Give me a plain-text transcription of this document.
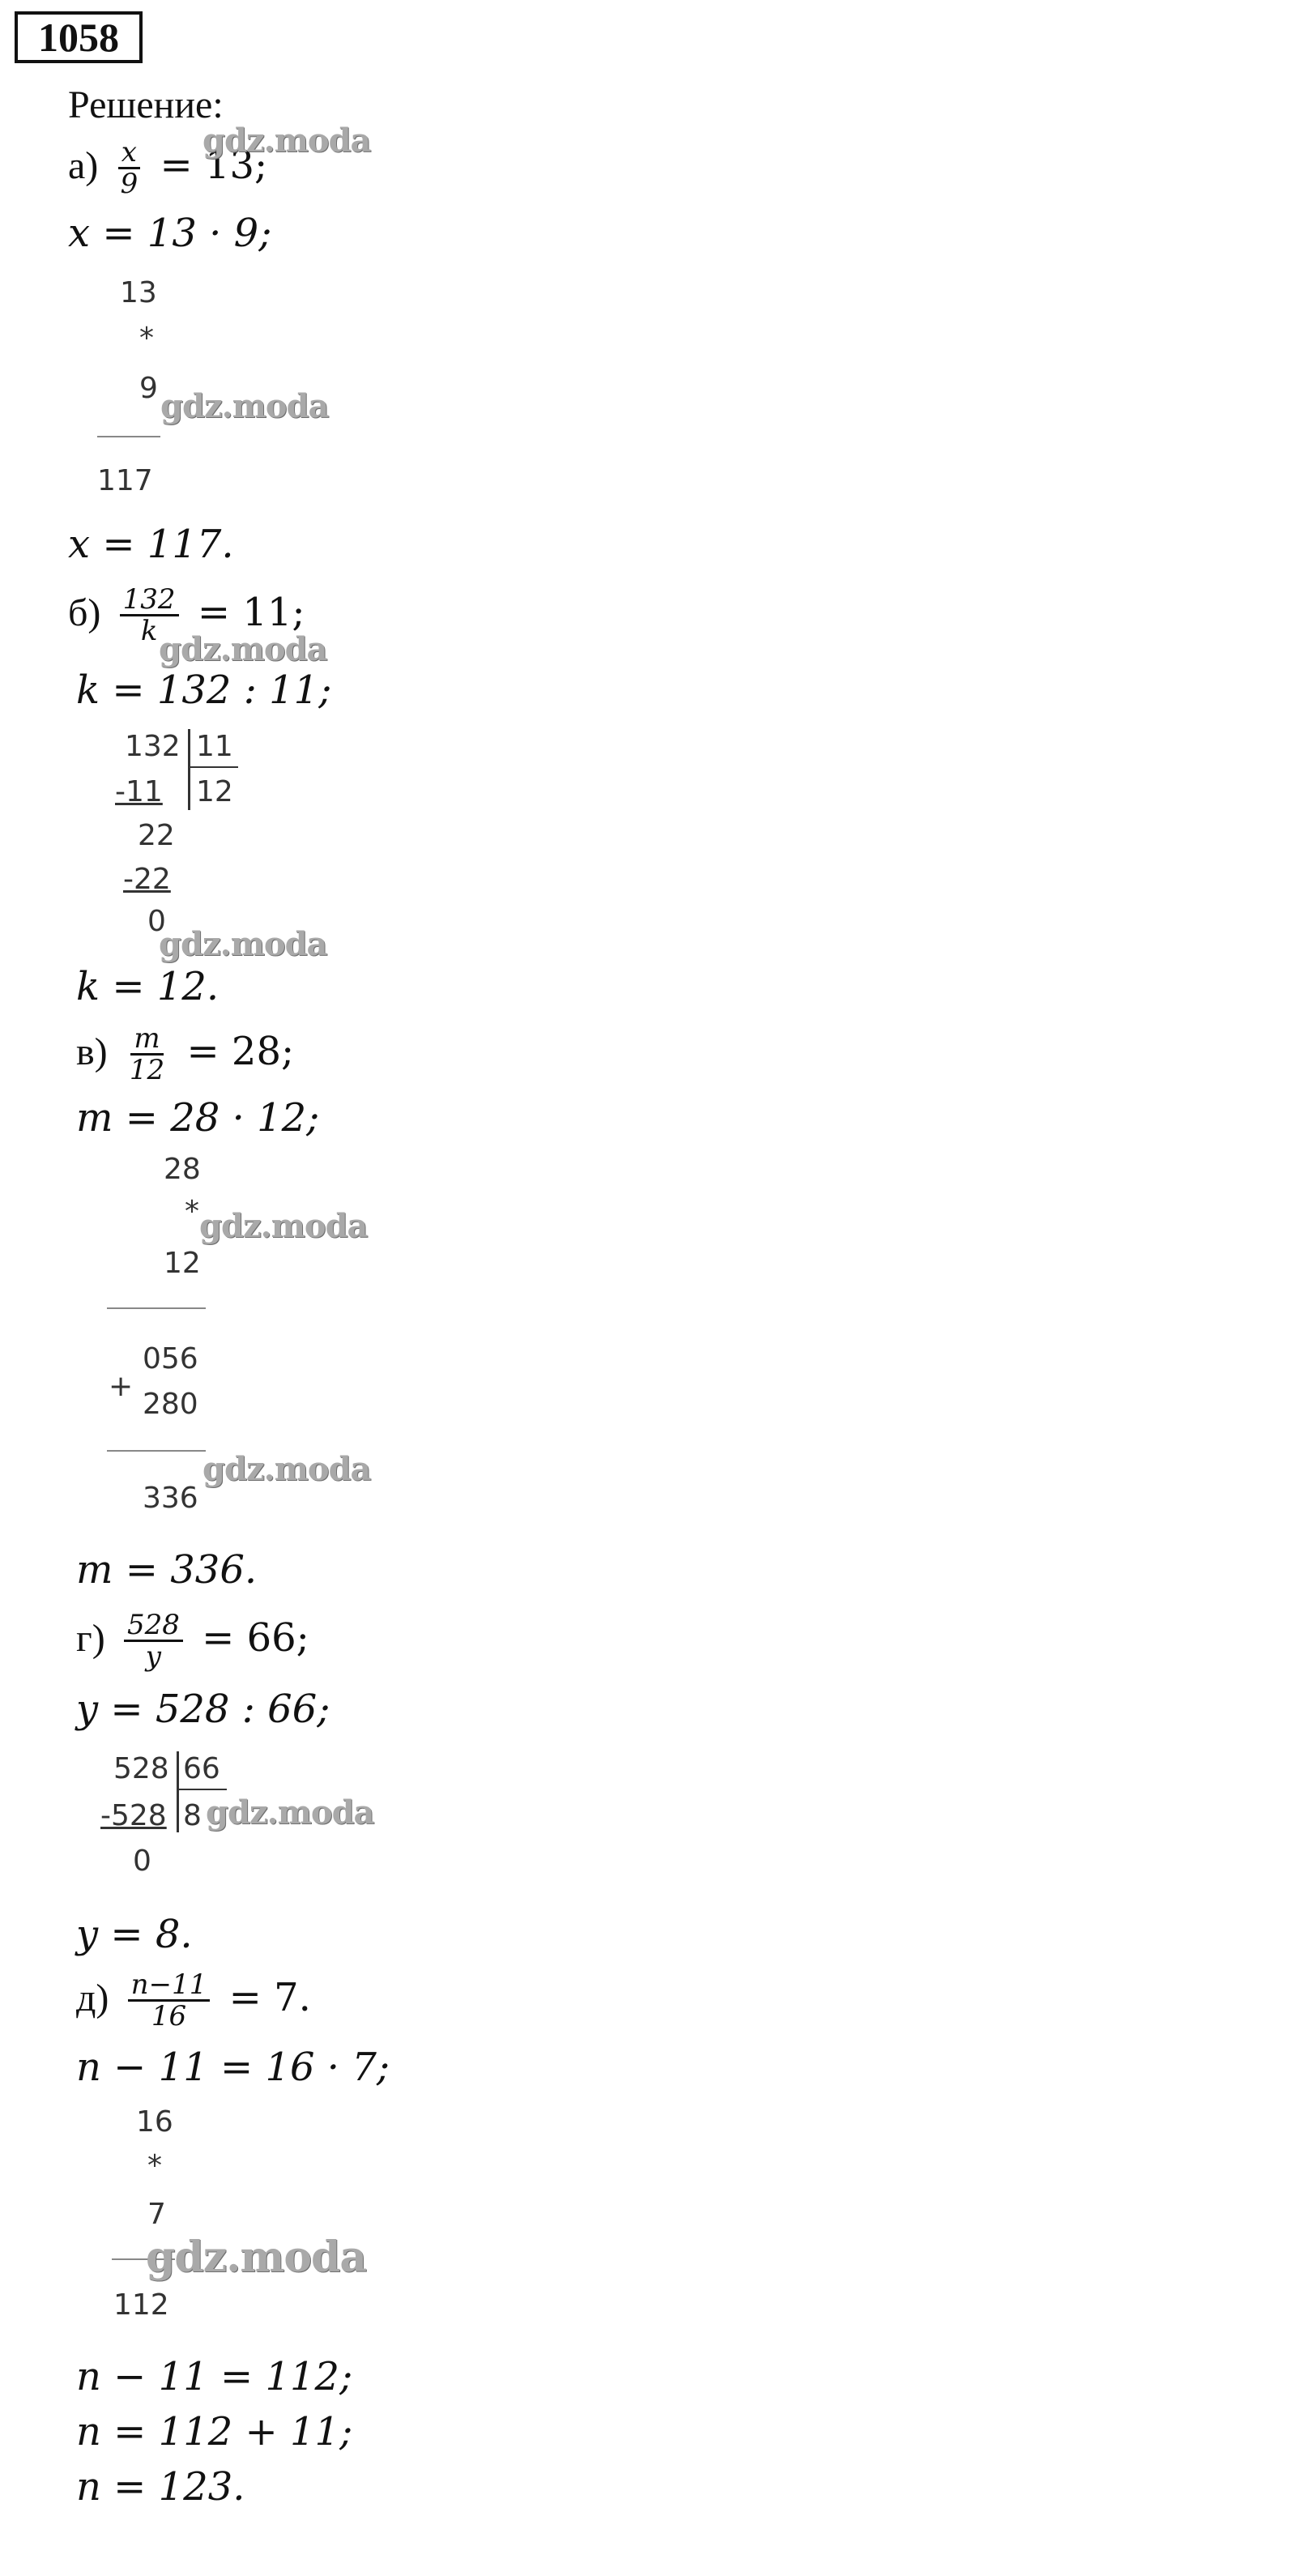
1058
Решение:
$а) \frac{x}{9} = 13$;
gdz.moda
x = 13 · 9;
13
*
9 gdz.moda
117
x = 117.
$б) \frac{132}{k} = 11$;
gdz.moda
k = 132 : 11;
132 11
-11 12
22
-22
0
gdz.moda
k = 12.
$в) \frac{m}{12} = 28$;
m = 28 · 12;
28
* gdz.moda
12
+
056
280
336
gdz.moda
m = 336.
$г) \frac{528}{y} = 66$;
y = 528 : 66;
528 66
-528 8 gdz.moda
0
y = 8.
$д) \frac{n-11}{16} = 7$.
n − 11 = 16 · 7;
16
*
7
gdz.moda
112
n − 11 = 112;
n = 112 + 11;
n = 123.
